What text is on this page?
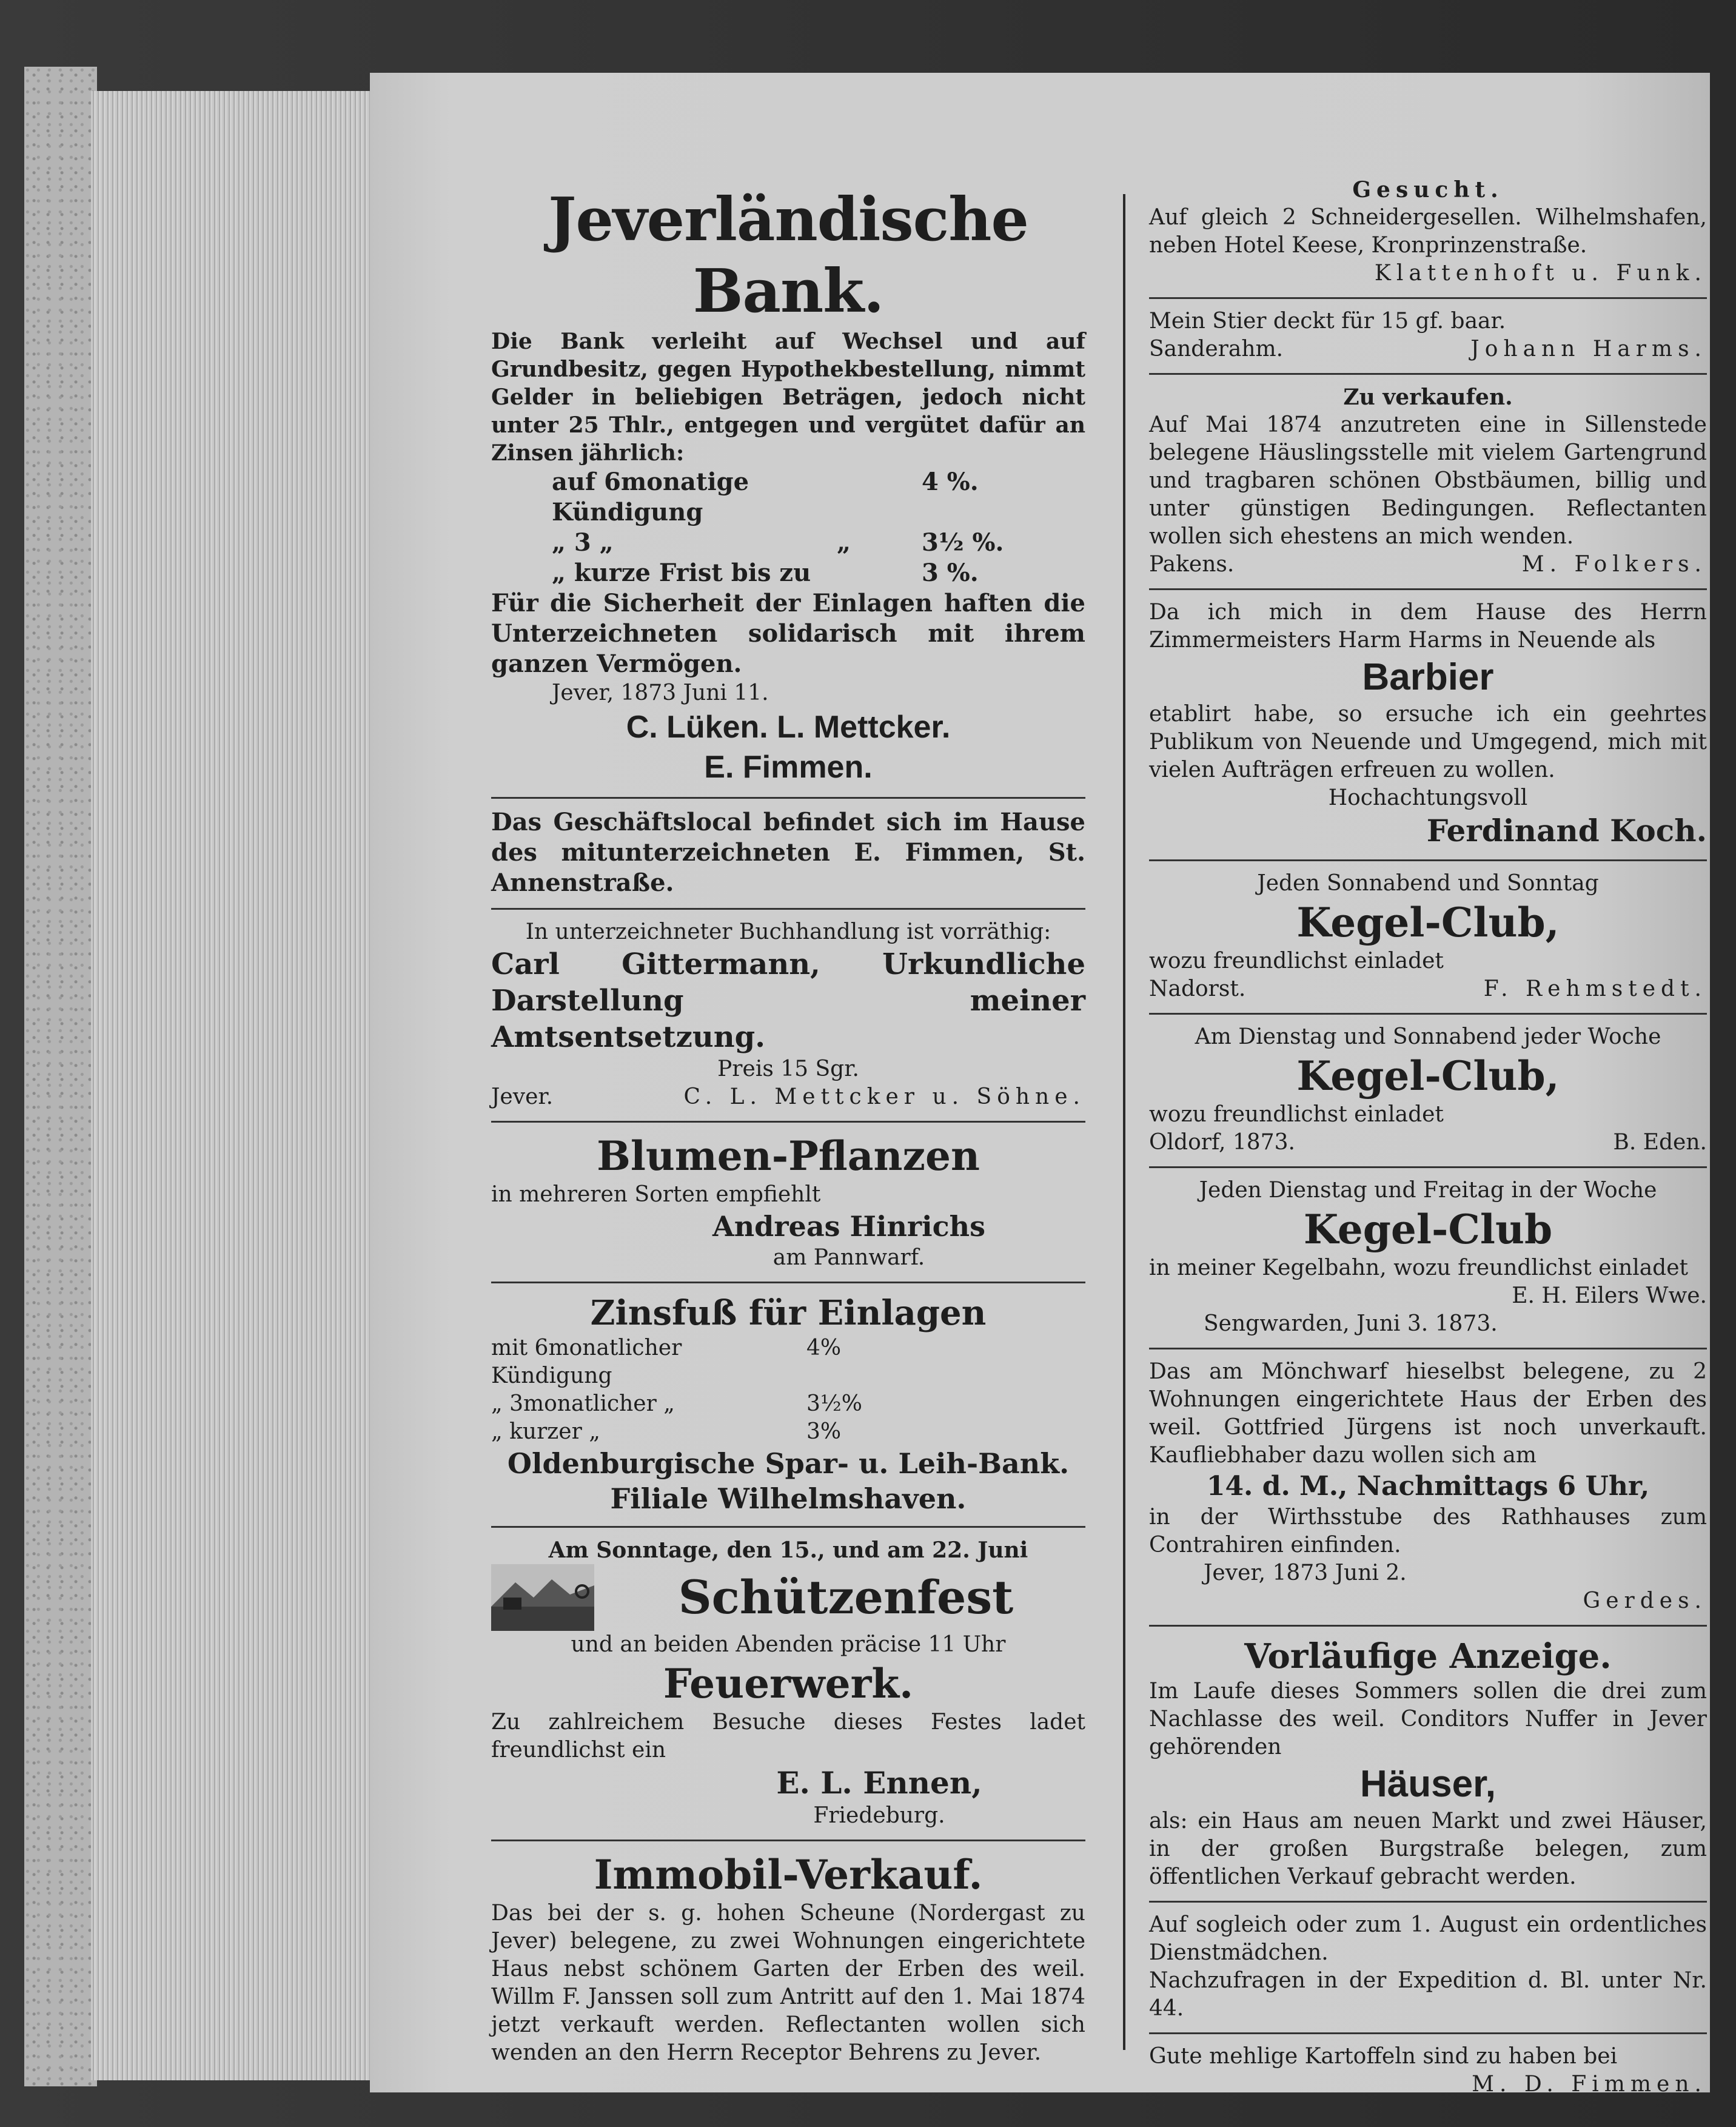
Jeverländische Bank.

Die Bank verleiht auf Wechsel und auf Grundbesitz, gegen Hypothekbestellung, nimmt Gelder in beliebigen Beträgen, jedoch nicht unter 25 Thlr., entgegen und vergütet dafür an Zinsen jährlich:

auf 6monatige Kündigung
4 %.
„ 3 „	„	3½ %.
„ kurze Frist bis zu	3 %.

Für die Sicherheit der Einlagen haften die Unterzeichneten solidarisch mit ihrem ganzen Vermögen.

Jever, 1873 Juni 11.

C. Lüken. L. Mettcker.

E. Fimmen.

Das Geschäftslocal befindet sich im Hause des mitunterzeichneten E. Fimmen, St. Annenstraße.

In unterzeichneter Buchhandlung ist vorräthig:

Carl Gittermann, Urkundliche Darstellung meiner Amtsentsetzung.

Preis 15 Sgr.

Jever.	C. L. Mettcker u. Söhne.

Blumen-Pflanzen

in mehreren Sorten empfiehlt

Andreas Hinrichs

am Pannwarf.

Zinsfuß für Einlagen

mit 6monatlicher Kündigung
4%
„ 3monatlicher „	3½%
„ kurzer „	3%

Oldenburgische Spar- u. Leih-Bank.

Filiale Wilhelmshaven.

Am Sonntage, den 15., und am 22. Juni

Schützenfest

und an beiden Abenden präcise 11 Uhr

Feuerwerk.

Zu zahlreichem Besuche dieses Festes ladet freundlichst ein

E. L. Ennen,

Friedeburg.

Immobil-Verkauf.

Das bei der s. g. hohen Scheune (Nordergast zu Jever) belegene, zu zwei Wohnungen eingerichtete Haus nebst schönem Garten der Erben des weil. Willm F. Janssen soll zum Antritt auf den 1. Mai 1874 jetzt verkauft werden. Reflectanten wollen sich wenden an den Herrn Receptor Behrens zu Jever.

Gesucht.

Auf gleich 2 Schneidergesellen. Wilhelmshafen, neben Hotel Keese, Kronprinzenstraße.

Klattenhoft u. Funk.

Mein Stier deckt für 15 gf. baar.

Sanderahm.	Johann Harms.

Zu verkaufen.

Auf Mai 1874 anzutreten eine in Sillenstede belegene Häuslingsstelle mit vielem Gartengrund und tragbaren schönen Obstbäumen, billig und unter günstigen Bedingungen. Reflectanten wollen sich ehestens an mich wenden.

Pakens.	M. Folkers.

Da ich mich in dem Hause des Herrn Zimmermeisters Harm Harms in Neuende als

Barbier

etablirt habe, so ersuche ich ein geehrtes Publikum von Neuende und Umgegend, mich mit vielen Aufträgen erfreuen zu wollen.

Hochachtungsvoll

Ferdinand Koch.

Jeden Sonnabend und Sonntag

Kegel-Club,

wozu freundlichst einladet

Nadorst.	F. Rehmstedt.

Am Dienstag und Sonnabend jeder Woche

Kegel-Club,

wozu freundlichst einladet

Oldorf, 1873.	B. Eden.

Jeden Dienstag und Freitag in der Woche

Kegel-Club

in meiner Kegelbahn, wozu freundlichst einladet

E. H. Eilers Wwe.

Sengwarden, Juni 3. 1873.

Das am Mönchwarf hieselbst belegene, zu 2 Wohnungen eingerichtete Haus der Erben des weil. Gottfried Jürgens ist noch unverkauft. Kaufliebhaber dazu wollen sich am

14. d. M., Nachmittags 6 Uhr,

in der Wirthsstube des Rathhauses zum Contrahiren einfinden.

Jever, 1873 Juni 2.

Gerdes.

Vorläufige Anzeige.

Im Laufe dieses Sommers sollen die drei zum Nachlasse des weil. Conditors Nuffer in Jever gehörenden

Häuser,

als: ein Haus am neuen Markt und zwei Häuser, in der großen Burgstraße belegen, zum öffentlichen Verkauf gebracht werden.

Auf sogleich oder zum 1. August ein ordentliches Dienstmädchen.

Nachzufragen in der Expedition d. Bl. unter Nr. 44.

Gute mehlige Kartoffeln sind zu haben bei

M. D. Fimmen.
